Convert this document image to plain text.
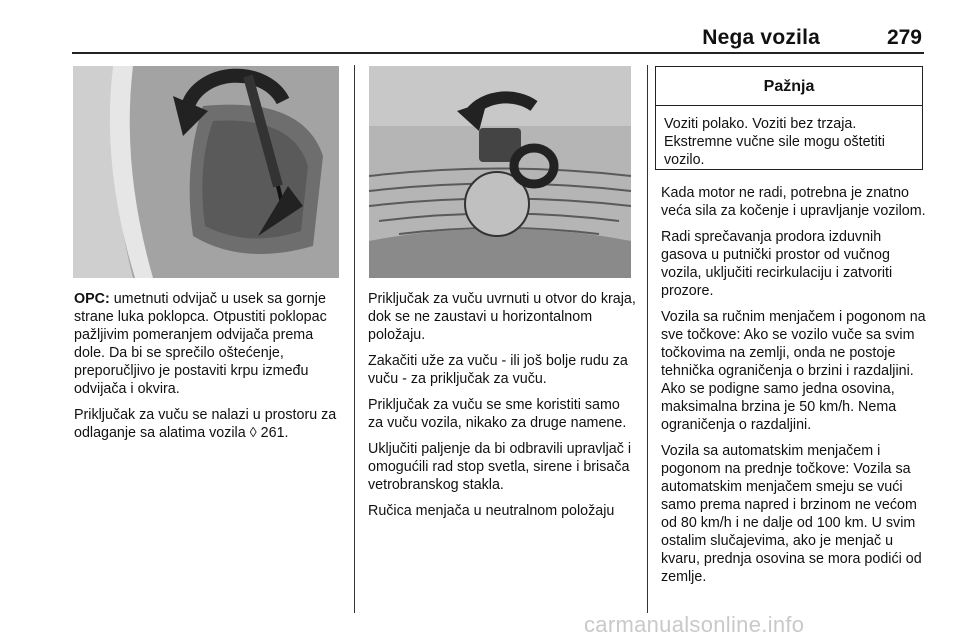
Nega vozila	279

OPC: umetnuti odvijač u usek sa gornje strane luka poklopca. Otpustiti poklopac pažljivim pomeranjem odvijača prema dole. Da bi se sprečilo oštećenje, preporučljivo je postaviti krpu između odvijača i okvira.

Priključak za vuču se nalazi u prostoru za odlaganje sa alatima vozila ◊ 261.

Priključak za vuču uvrnuti u otvor do kraja, dok se ne zaustavi u horizontalnom položaju.

Zakačiti uže za vuču - ili još bolje rudu za vuču - za priključak za vuču.

Priključak za vuču se sme koristiti samo za vuču vozila, nikako za druge namene.

Uključiti paljenje da bi odbravili upravljač i omogućili rad stop svetla, sirene i brisača vetrobranskog stakla.

Ručica menjača u neutralnom položaju

Pažnja
Voziti polako. Voziti bez trzaja. Ekstremne vučne sile mogu oštetiti vozilo.

Kada motor ne radi, potrebna je znatno veća sila za kočenje i upravljanje vozilom.

Radi sprečavanja prodora izduvnih gasova u putnički prostor od vučnog vozila, uključiti recirkulaciju i zatvoriti prozore.

Vozila sa ručnim menjačem i pogonom na sve točkove: Ako se vozilo vuče sa svim točkovima na zemlji, onda ne postoje tehnička ograničenja o brzini i razdaljini. Ako se podigne samo jedna osovina, maksimalna brzina je 50 km/h. Nema ograničenja o razdaljini.

Vozila sa automatskim menjačem i pogonom na prednje točkove: Vozila sa automatskim menjačem smeju se vući samo prema napred i brzinom ne većom od 80 km/h i ne dalje od 100 km. U svim ostalim slučajevima, ako je menjač u kvaru, prednja osovina se mora podići od zemlje.

carmanualsonline.info
